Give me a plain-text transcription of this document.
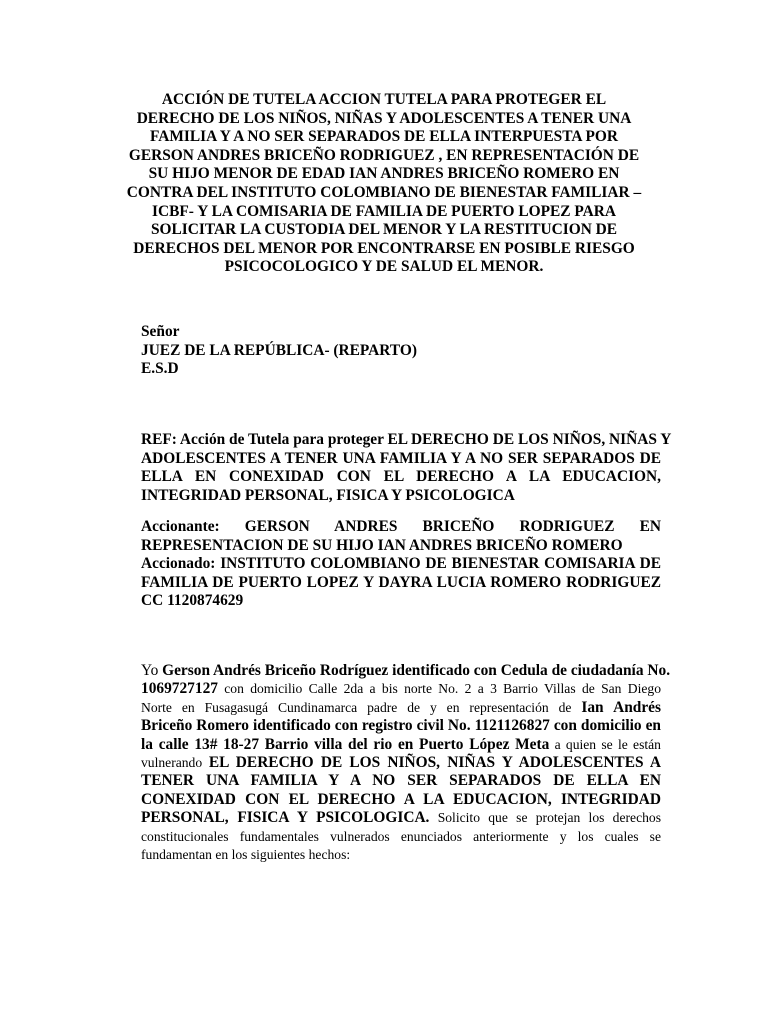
ACCIÓN DE TUTELA ACCION TUTELA PARA PROTEGER EL
DERECHO DE LOS NIÑOS, NIÑAS Y ADOLESCENTES A TENER UNA
FAMILIA Y A NO SER SEPARADOS DE ELLA INTERPUESTA POR
GERSON ANDRES BRICEÑO RODRIGUEZ , EN REPRESENTACIÓN DE
SU HIJO MENOR DE EDAD IAN ANDRES BRICEÑO ROMERO EN
CONTRA DEL INSTITUTO COLOMBIANO DE BIENESTAR FAMILIAR –
ICBF- Y LA COMISARIA DE FAMILIA DE PUERTO LOPEZ PARA
SOLICITAR LA CUSTODIA DEL MENOR Y LA RESTITUCION DE
DERECHOS DEL MENOR POR ENCONTRARSE EN POSIBLE RIESGO
PSICOCOLOGICO Y DE SALUD EL MENOR.
Señor
JUEZ DE LA REPÚBLICA- (REPARTO)
E.S.D
REF: Acción de Tutela para proteger EL DERECHO DE LOS NIÑOS, NIÑAS Y
ADOLESCENTES A TENER UNA FAMILIA Y A NO SER SEPARADOS DE
ELLA EN CONEXIDAD CON EL DERECHO A LA EDUCACION,
INTEGRIDAD PERSONAL, FISICA Y PSICOLOGICA
Accionante: GERSON ANDRES BRICEÑO RODRIGUEZ EN
REPRESENTACION DE SU HIJO IAN ANDRES BRICEÑO ROMERO
Accionado: INSTITUTO COLOMBIANO DE BIENESTAR COMISARIA DE
FAMILIA DE PUERTO LOPEZ Y DAYRA LUCIA ROMERO RODRIGUEZ
CC 1120874629
Yo Gerson Andrés Briceño Rodríguez identificado con Cedula de ciudadanía No.
1069727127 con domicilio Calle 2da a bis norte No. 2 a 3 Barrio Villas de San Diego
Norte en Fusagasugá Cundinamarca padre de y en representación de Ian Andrés
Briceño Romero identificado con registro civil No. 1121126827 con domicilio en
la calle 13# 18-27 Barrio villa del rio en Puerto López Meta a quien se le están
vulnerando EL DERECHO DE LOS NIÑOS, NIÑAS Y ADOLESCENTES A
TENER UNA FAMILIA Y A NO SER SEPARADOS DE ELLA EN
CONEXIDAD CON EL DERECHO A LA EDUCACION, INTEGRIDAD
PERSONAL, FISICA Y PSICOLOGICA. Solicito que se protejan los derechos
constitucionales fundamentales vulnerados enunciados anteriormente y los cuales se
fundamentan en los siguientes hechos:
